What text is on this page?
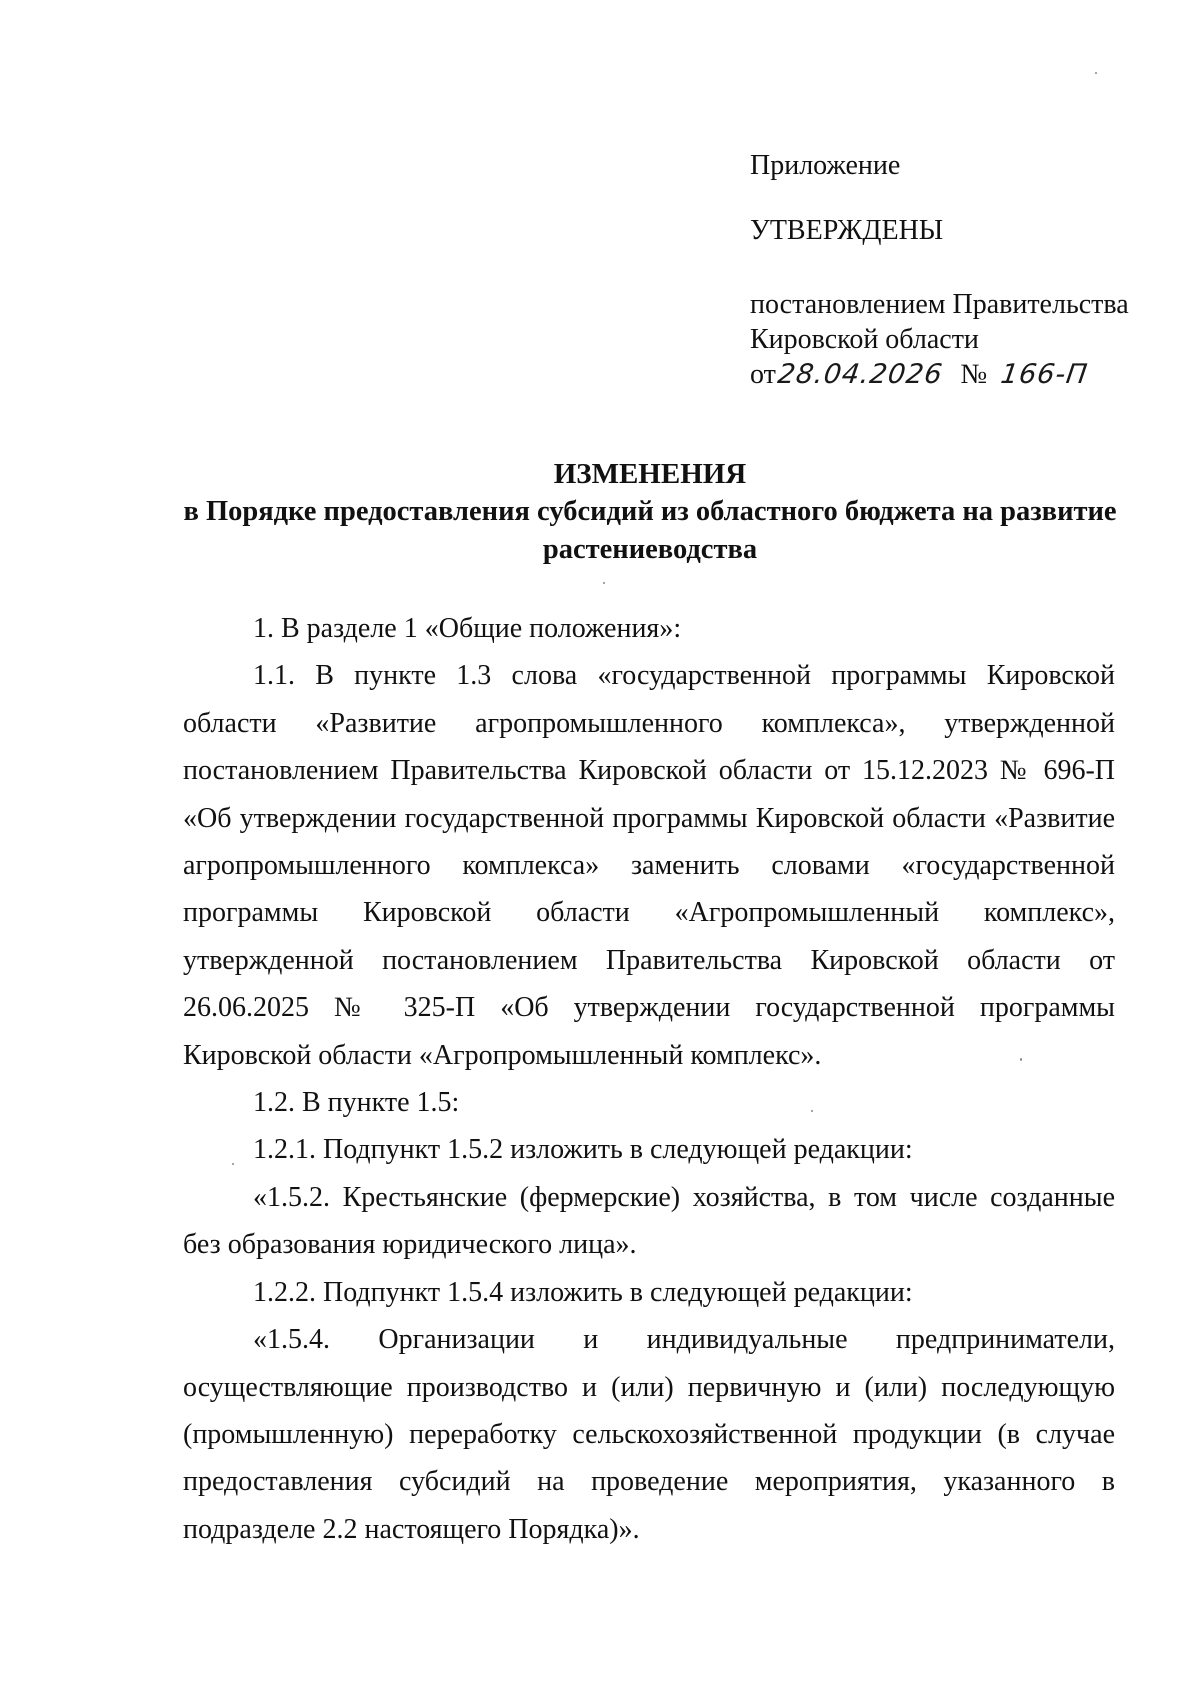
Приложение
УТВЕРЖДЕНЫ
постановлением Правительства
Кировской области
от28.04.2026 № 166-П
ИЗМЕНЕНИЯ
в Порядке предоставления субсидий из областного бюджета на развитие
растениеводства

1. В разделе 1 «Общие положения»:

1.1. В пункте 1.3 слова «государственной программы Кировской области «Развитие агропромышленного комплекса», утвержденной постановлением Правительства Кировской области от 15.12.2023 № 696-П «Об утверждении государственной программы Кировской области «Развитие агропромышленного комплекса» заменить словами «государственной программы Кировской области «Агропромышленный комплекс», утвержденной постановлением Правительства Кировской области от 26.06.2025 № 325-П «Об утверждении государственной программы Кировской области «Агропромышленный комплекс».

1.2. В пункте 1.5:

1.2.1. Подпункт 1.5.2 изложить в следующей редакции:

«1.5.2. Крестьянские (фермерские) хозяйства, в том числе созданные без образования юридического лица».

1.2.2. Подпункт 1.5.4 изложить в следующей редакции:

«1.5.4. Организации и индивидуальные предприниматели, осуществляющие производство и (или) первичную и (или) последующую (промышленную) переработку сельскохозяйственной продукции (в случае предоставления субсидий на проведение мероприятия, указанного в подразделе 2.2 настоящего Порядка)».
